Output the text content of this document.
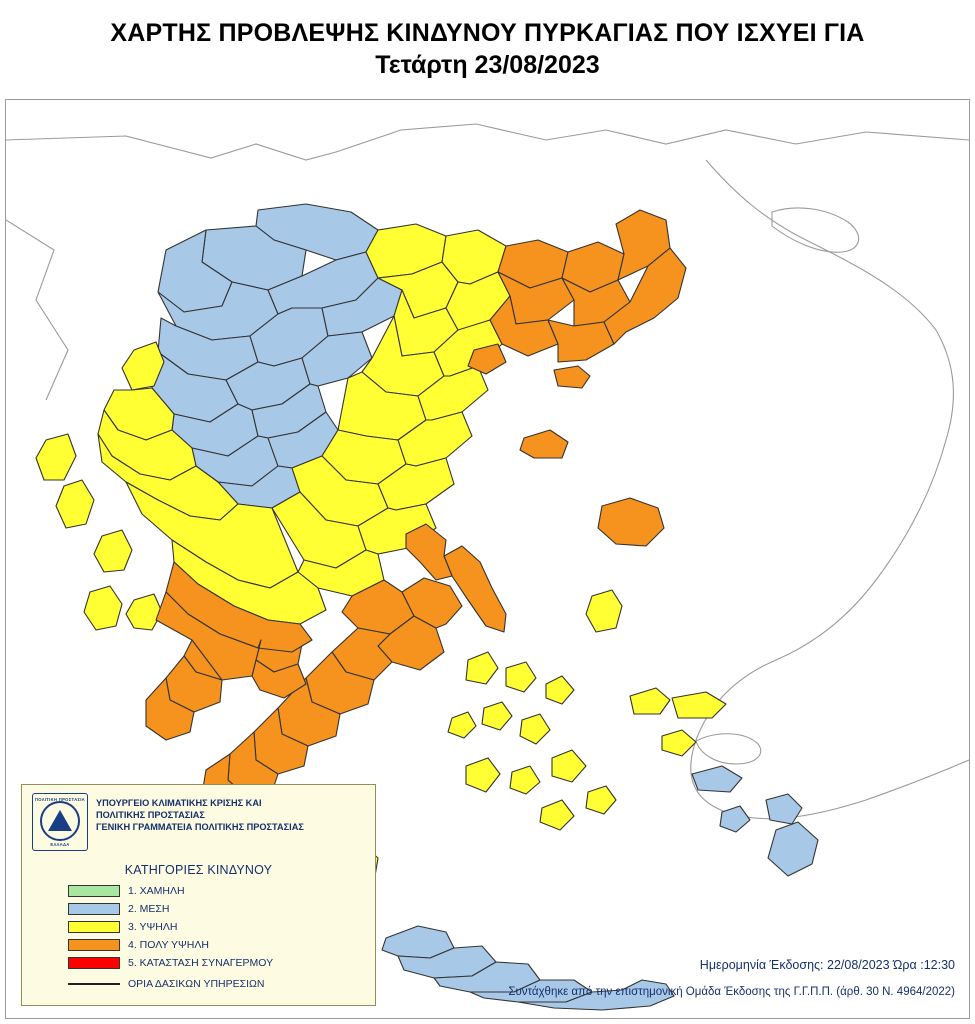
ΧΑΡΤΗΣ ΠΡΟΒΛΕΨΗΣ ΚΙΝΔΥΝΟΥ ΠΥΡΚΑΓΙΑΣ ΠΟΥ ΙΣΧΥΕΙ ΓΙΑ
Τετάρτη 23/08/2023
ΠΟΛΙΤΙΚΗ ΠΡΟΣΤΑΣΙΑ
ΕΛΛΑΔΑ
ΥΠΟΥΡΓΕΙΟ ΚΛΙΜΑΤΙΚΗΣ ΚΡΙΣΗΣ ΚΑΙ
ΠΟΛΙΤΙΚΗΣ ΠΡΟΣΤΑΣΙΑΣ
ΓΕΝΙΚΗ ΓΡΑΜΜΑΤΕΙΑ ΠΟΛΙΤΙΚΗΣ ΠΡΟΣΤΑΣΙΑΣ
ΚΑΤΗΓΟΡΙΕΣ ΚΙΝΔΥΝΟΥ
1. ΧΑΜΗΛΗ
2. ΜΕΣΗ
3. ΥΨΗΛΗ
4. ΠΟΛΥ ΥΨΗΛΗ
5. ΚΑΤΑΣΤΑΣΗ ΣΥΝΑΓΕΡΜΟΥ
ΟΡΙΑ ΔΑΣΙΚΩΝ ΥΠΗΡΕΣΙΩΝ
Ημερομηνία Έκδοσης: 22/08/2023 Ώρα :12:30
- Συντάχθηκε από την επιστημονική Ομάδα Έκδοσης της Γ.Γ.Π.Π. (άρθ. 30 Ν. 4964/2022)
